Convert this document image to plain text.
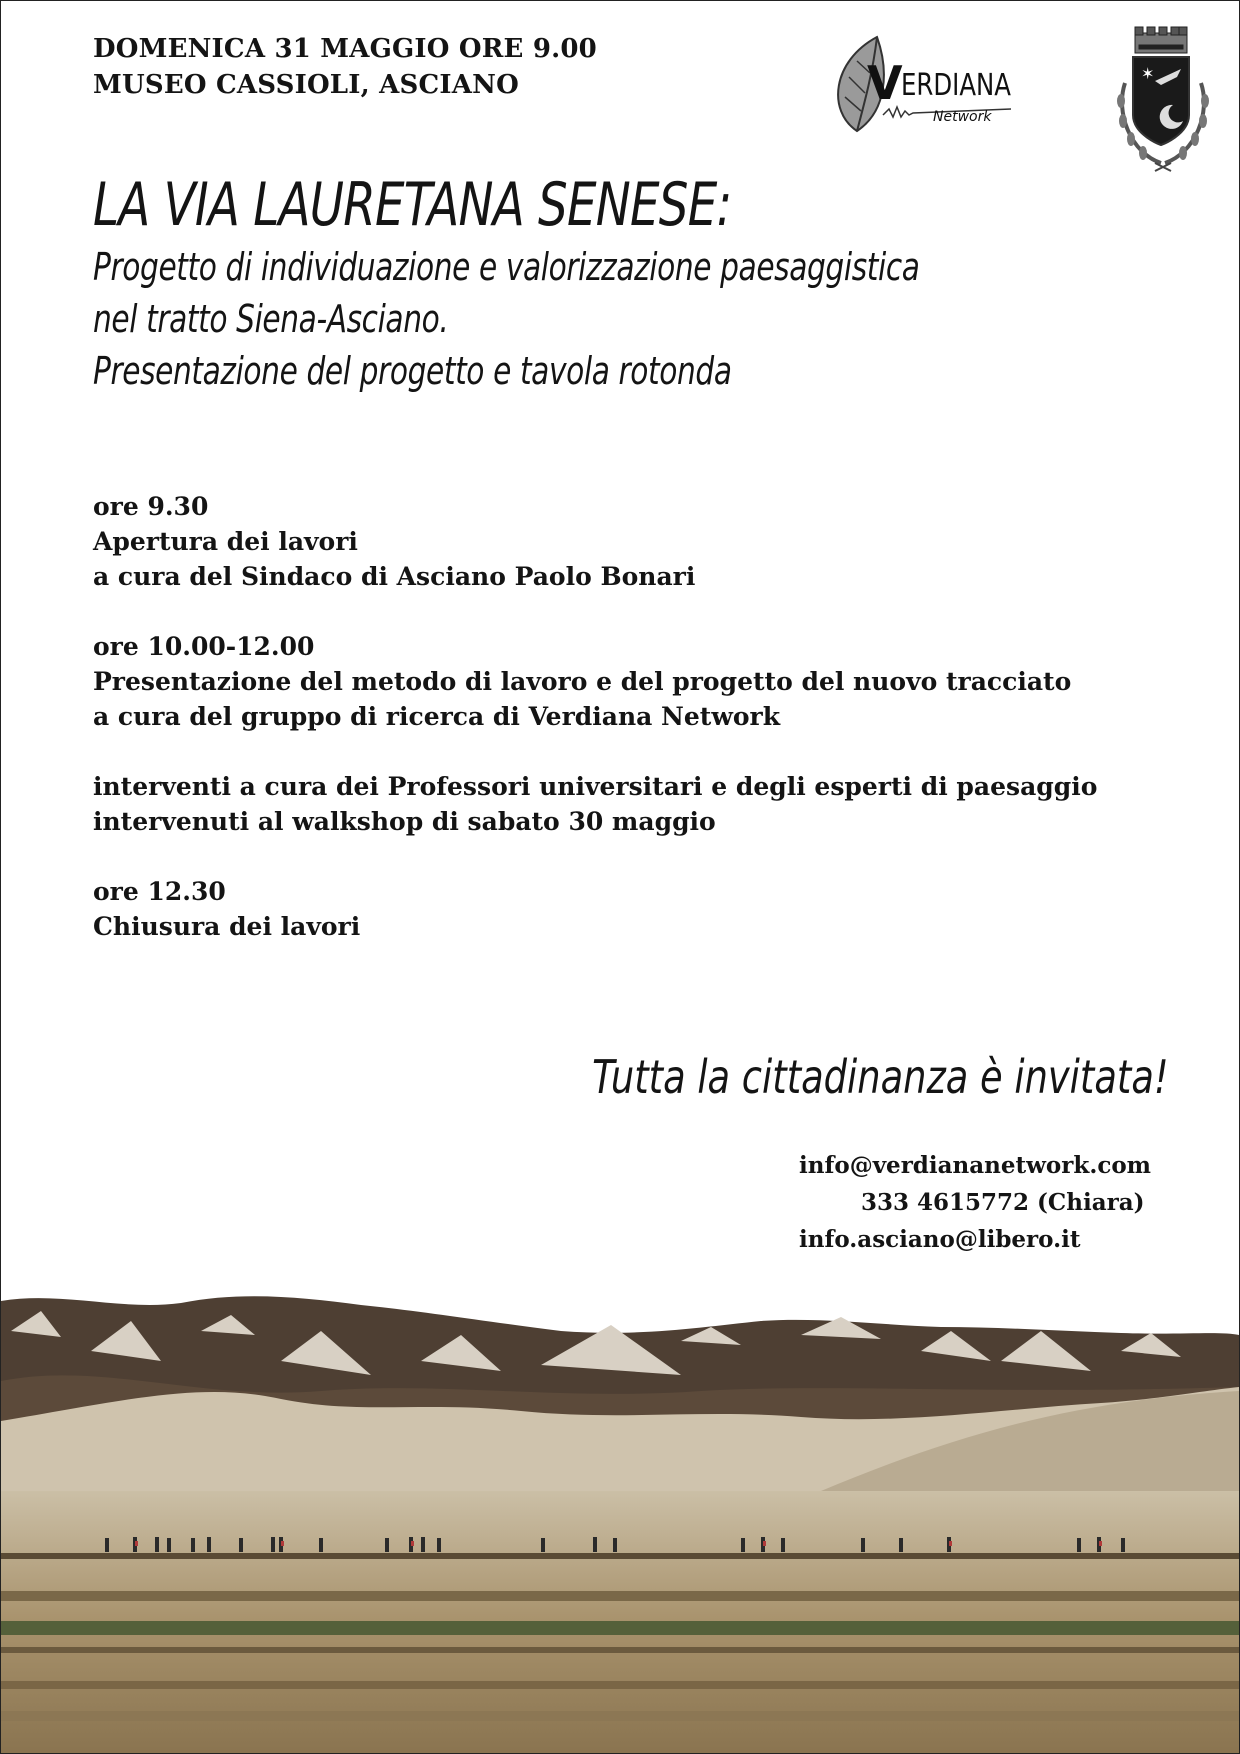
DOMENICA 31 MAGGIO ORE 9.00
MUSEO CASSIOLI, ASCIANO	V
ERDIANA
Network
✶
LA VIA LAURETANA SENESE:
Progetto di individuazione e valorizzazione paesaggistica
nel tratto Siena-Asciano.
Presentazione del progetto e tavola rotonda
ore 9.30
Apertura dei lavori
a cura del Sindaco di Asciano Paolo Bonari
ore 10.00-12.00
Presentazione del metodo di lavoro e del progetto del nuovo tracciato
a cura del gruppo di ricerca di Verdiana Network
interventi a cura dei Professori universitari e degli esperti di paesaggio
intervenuti al walkshop di sabato 30 maggio
ore 12.30
Chiusura dei lavori
Tutta la cittadinanza è invitata!
info@verdiananetwork.com
333 4615772 (Chiara)
info.asciano@libero.it
